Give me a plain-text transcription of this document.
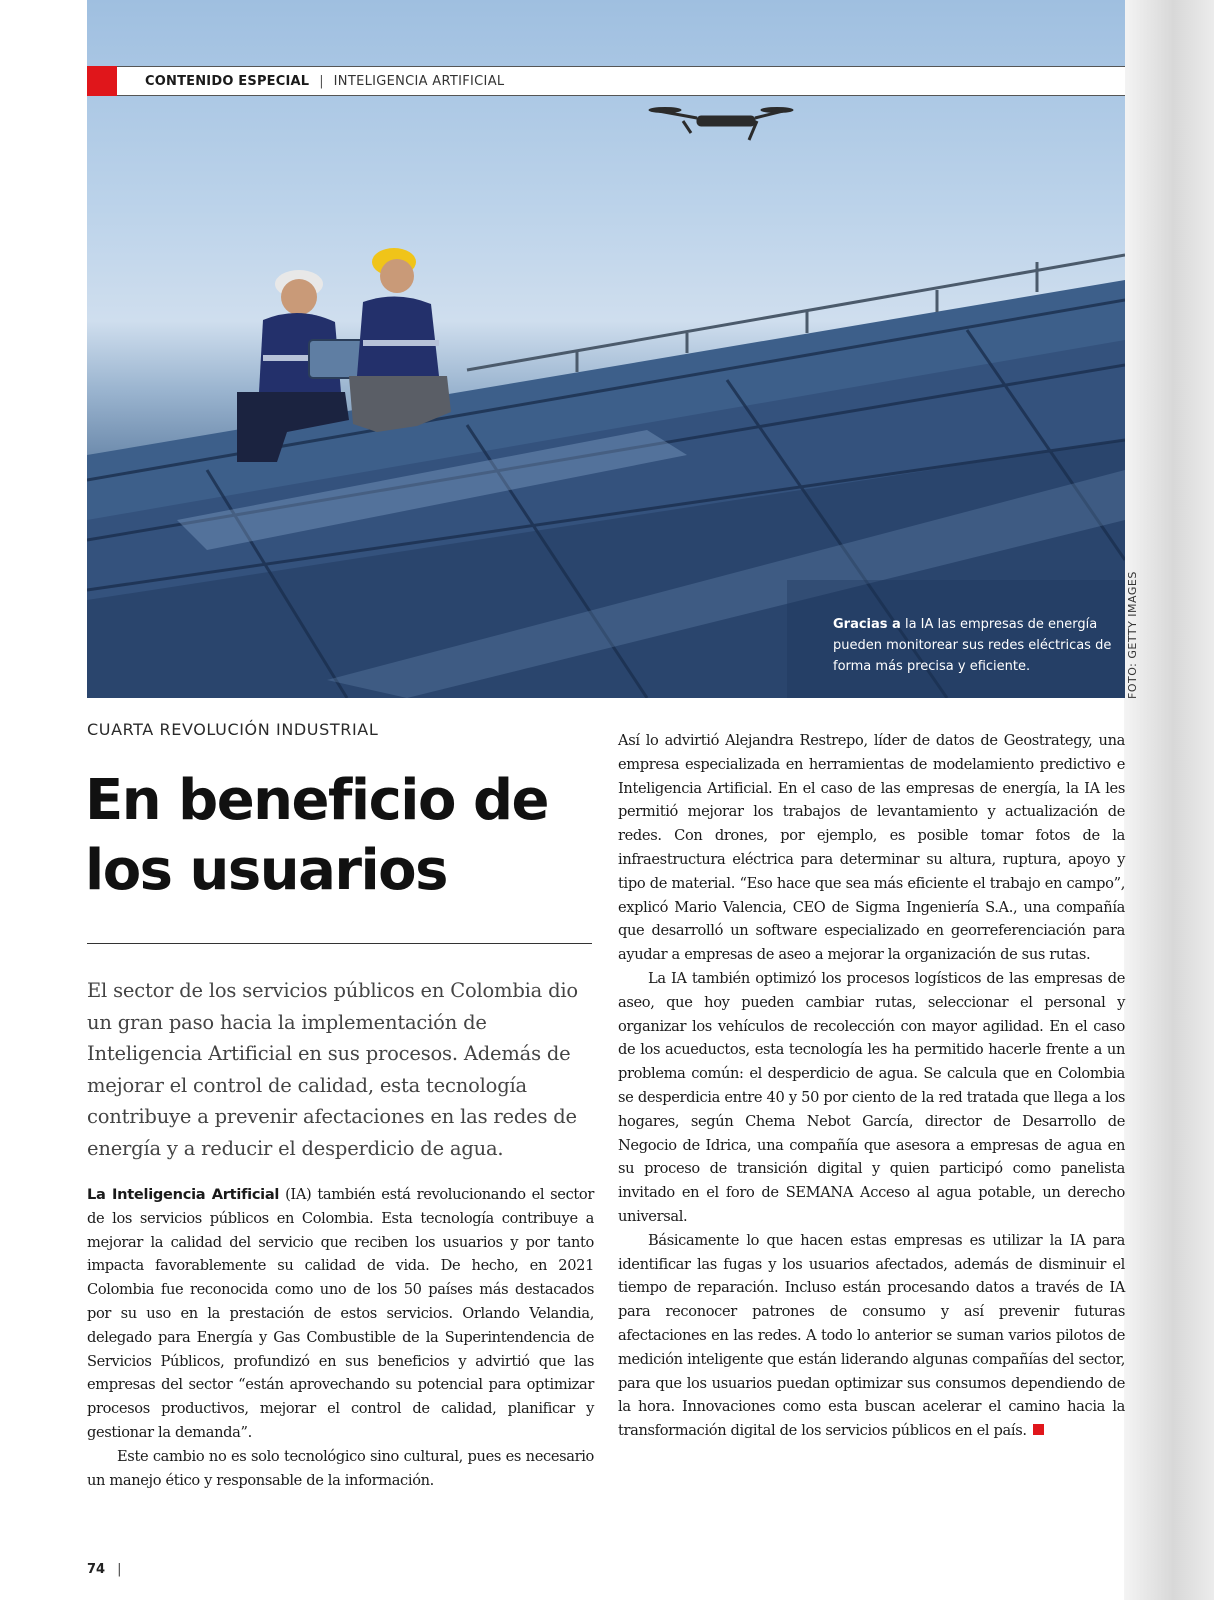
Gracias a la IA las empresas de energía pueden monitorear sus redes eléctricas de forma más precisa y eficiente.	FOTO: GETTY IMAGES
CONTENIDO ESPECIAL | INTELIGENCIA ARTIFICIAL
CUARTA REVOLUCIÓN INDUSTRIAL
En beneficio de los usuarios

El sector de los servicios públicos en Colombia dio un gran paso hacia la implementación de Inteligencia Artificial en sus procesos. Además de mejorar el control de calidad, esta tecnología contribuye a prevenir afectaciones en las redes de energía y a reducir el desperdicio de agua.

La Inteligencia Artificial (IA) también está revolucionando el sector de los servicios públicos en Colombia. Esta tecnología contribuye a mejorar la calidad del servicio que reciben los usuarios y por tanto impacta favorablemente su calidad de vida. De hecho, en 2021 Colombia fue reconocida como uno de los 50 países más destacados por su uso en la prestación de estos servicios. Orlando Velandia, delegado para Energía y Gas Combustible de la Superintendencia de Servicios Públicos, profundizó en sus beneficios y advirtió que las empresas del sector “están aprovechando su potencial para optimizar procesos productivos, mejorar el control de calidad, planificar y gestionar la demanda”.

Este cambio no es solo tecnológico sino cultural, pues es necesario un manejo ético y responsable de la información.

Así lo advirtió Alejandra Restrepo, líder de datos de Geostrategy, una empresa especializada en herramientas de modelamiento predictivo e Inteligencia Artificial. En el caso de las empresas de energía, la IA les permitió mejorar los trabajos de levantamiento y actualización de redes. Con drones, por ejemplo, es posible tomar fotos de la infraestructura eléctrica para determinar su altura, ruptura, apoyo y tipo de material. “Eso hace que sea más eficiente el trabajo en campo”, explicó Mario Valencia, CEO de Sigma Ingeniería S.A., una compañía que desarrolló un software especializado en georreferenciación para ayudar a empresas de aseo a mejorar la organización de sus rutas.

La IA también optimizó los procesos logísticos de las empresas de aseo, que hoy pueden cambiar rutas, seleccionar el personal y organizar los vehículos de recolección con mayor agilidad. En el caso de los acueductos, esta tecnología les ha permitido hacerle frente a un problema común: el desperdicio de agua. Se calcula que en Colombia se desperdicia entre 40 y 50 por ciento de la red tratada que llega a los hogares, según Chema Nebot García, director de Desarrollo de Negocio de Idrica, una compañía que asesora a empresas de agua en su proceso de transición digital y quien participó como panelista invitado en el foro de SEMANA Acceso al agua potable, un derecho universal.

Básicamente lo que hacen estas empresas es utilizar la IA para identificar las fugas y los usuarios afectados, además de disminuir el tiempo de reparación. Incluso están procesando datos a través de IA para reconocer patrones de consumo y así prevenir futuras afectaciones en las redes. A todo lo anterior se suman varios pilotos de medición inteligente que están liderando algunas compañías del sector, para que los usuarios puedan optimizar sus consumos dependiendo de la hora. Innovaciones como esta buscan acelerar el camino hacia la transformación digital de los servicios públicos en el país.

74 |
